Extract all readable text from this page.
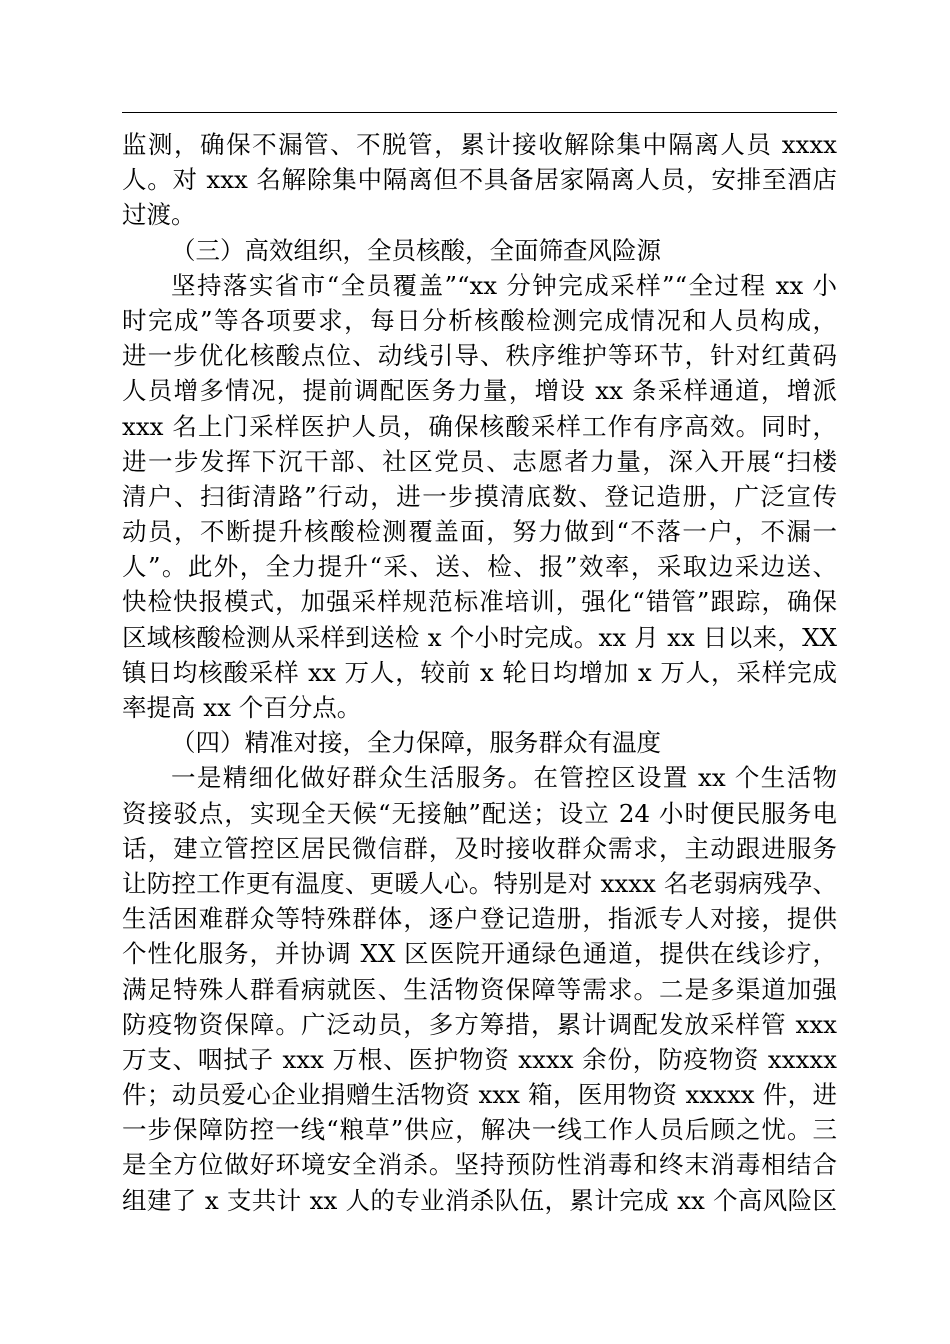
监测，确保不漏管、不脱管，累计接收解除集中隔离人员 xxxx
人。对 xxx 名解除集中隔离但不具备居家隔离人员，安排至酒店
过渡。
（三）高效组织，全员核酸，全面筛查风险源
坚持落实省市“全员覆盖”“xx 分钟完成采样”“全过程 xx 小
时完成”等各项要求，每日分析核酸检测完成情况和人员构成，
进一步优化核酸点位、动线引导、秩序维护等环节，针对红黄码
人员增多情况，提前调配医务力量，增设 xx 条采样通道，增派
xxx 名上门采样医护人员，确保核酸采样工作有序高效。同时，
进一步发挥下沉干部、社区党员、志愿者力量，深入开展“扫楼
清户、扫街清路”行动，进一步摸清底数、登记造册，广泛宣传
动员，不断提升核酸检测覆盖面，努力做到“不落一户，不漏一
人”。此外，全力提升“采、送、检、报”效率，采取边采边送、
快检快报模式，加强采样规范标准培训，强化“错管”跟踪，确保
区域核酸检测从采样到送检 x 个小时完成。xx 月 xx 日以来，XX
镇日均核酸采样 xx 万人，较前 x 轮日均增加 x 万人，采样完成
率提高 xx 个百分点。
（四）精准对接，全力保障，服务群众有温度
一是精细化做好群众生活服务。在管控区设置 xx 个生活物
资接驳点，实现全天候“无接触”配送；设立 24 小时便民服务电
话，建立管控区居民微信群，及时接收群众需求，主动跟进服务
让防控工作更有温度、更暖人心。特别是对 xxxx 名老弱病残孕、
生活困难群众等特殊群体，逐户登记造册，指派专人对接，提供
个性化服务，并协调 XX 区医院开通绿色通道，提供在线诊疗，
满足特殊人群看病就医、生活物资保障等需求。二是多渠道加强
防疫物资保障。广泛动员，多方筹措，累计调配发放采样管 xxx
万支、咽拭子 xxx 万根、医护物资 xxxx 余份，防疫物资 xxxxx
件；动员爱心企业捐赠生活物资 xxx 箱，医用物资 xxxxx 件，进
一步保障防控一线“粮草”供应，解决一线工作人员后顾之忧。三
是全方位做好环境安全消杀。坚持预防性消毒和终末消毒相结合
组建了 x 支共计 xx 人的专业消杀队伍，累计完成 xx 个高风险区
